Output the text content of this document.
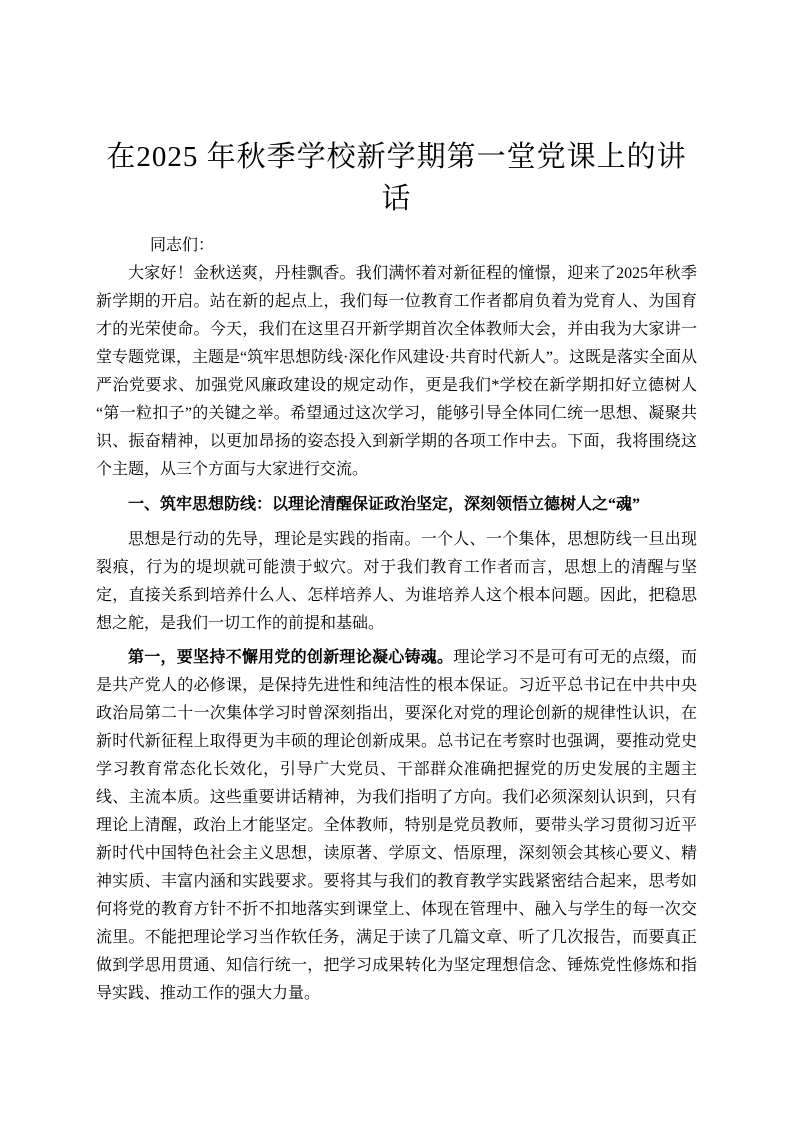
在2025 年秋季学校新学期第一堂党课上的讲话

同志们：

大家好！金秋送爽，丹桂飘香。我们满怀着对新征程的憧憬，迎来了2025年秋季新学期的开启。站在新的起点上，我们每一位教育工作者都肩负着为党育人、为国育才的光荣使命。今天，我们在这里召开新学期首次全体教师大会，并由我为大家讲一堂专题党课，主题是“筑牢思想防线·深化作风建设·共育时代新人”。这既是落实全面从严治党要求、加强党风廉政建设的规定动作，更是我们*学校在新学期扣好立德树人“第一粒扣子”的关键之举。希望通过这次学习，能够引导全体同仁统一思想、凝聚共识、振奋精神，以更加昂扬的姿态投入到新学期的各项工作中去。下面，我将围绕这个主题，从三个方面与大家进行交流。

一、筑牢思想防线：以理论清醒保证政治坚定，深刻领悟立德树人之“魂”

思想是行动的先导，理论是实践的指南。一个人、一个集体，思想防线一旦出现裂痕，行为的堤坝就可能溃于蚁穴。对于我们教育工作者而言，思想上的清醒与坚定，直接关系到培养什么人、怎样培养人、为谁培养人这个根本问题。因此，把稳思想之舵，是我们一切工作的前提和基础。

第一，要坚持不懈用党的创新理论凝心铸魂。理论学习不是可有可无的点缀，而是共产党人的必修课，是保持先进性和纯洁性的根本保证。习近平总书记在中共中央政治局第二十一次集体学习时曾深刻指出，要深化对党的理论创新的规律性认识，在新时代新征程上取得更为丰硕的理论创新成果。总书记在考察时也强调，要推动党史学习教育常态化长效化，引导广大党员、干部群众准确把握党的历史发展的主题主线、主流本质。这些重要讲话精神，为我们指明了方向。我们必须深刻认识到，只有理论上清醒，政治上才能坚定。全体教师，特别是党员教师，要带头学习贯彻习近平新时代中国特色社会主义思想，读原著、学原文、悟原理，深刻领会其核心要义、精神实质、丰富内涵和实践要求。要将其与我们的教育教学实践紧密结合起来，思考如何将党的教育方针不折不扣地落实到课堂上、体现在管理中、融入与学生的每一次交流里。不能把理论学习当作软任务，满足于读了几篇文章、听了几次报告，而要真正做到学思用贯通、知信行统一，把学习成果转化为坚定理想信念、锤炼党性修炼和指导实践、推动工作的强大力量。
